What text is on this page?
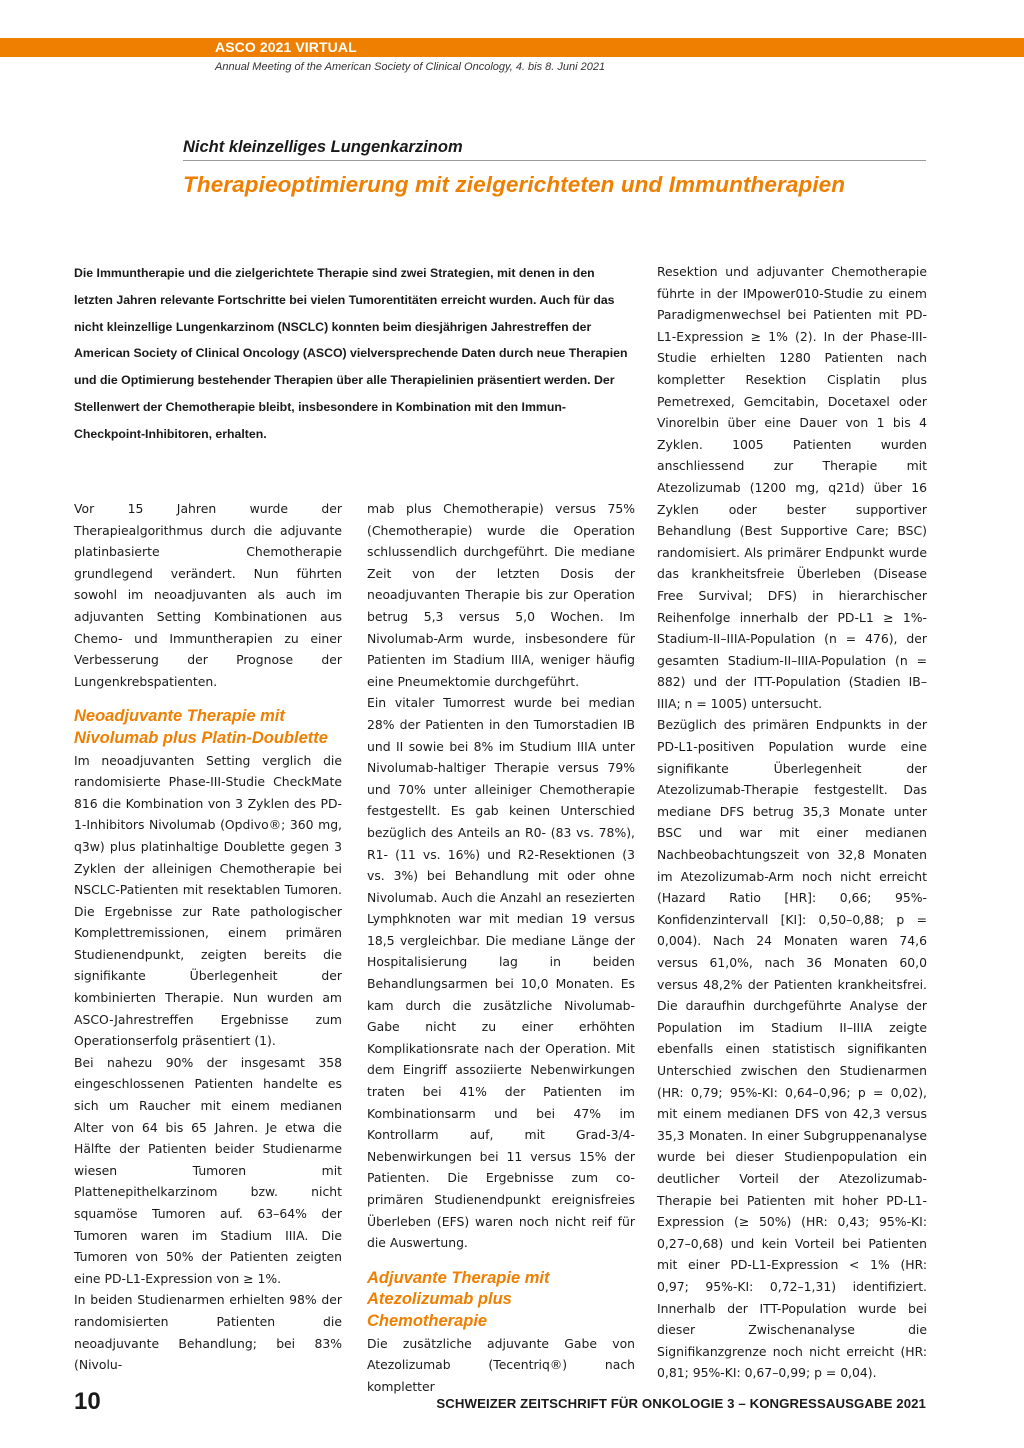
ASCO 2021 VIRTUAL
Annual Meeting of the American Society of Clinical Oncology, 4. bis 8. Juni 2021
Nicht kleinzelliges Lungenkarzinom
Therapieoptimierung mit zielgerichteten und Immuntherapien
Die Immuntherapie und die zielgerichtete Therapie sind zwei Strategien, mit denen in den letzten Jahren relevante Fortschritte bei vielen Tumorentitäten erreicht wurden. Auch für das nicht kleinzellige Lungenkarzinom (NSCLC) konnten beim diesjährigen Jahrestreffen der American Society of Clinical Oncology (ASCO) vielversprechende Daten durch neue Therapien und die Optimierung bestehender Therapien über alle Therapielinien präsentiert werden. Der Stellenwert der Chemotherapie bleibt, insbesondere in Kombination mit den Immun-Checkpoint-Inhibitoren, erhalten.

Vor 15 Jahren wurde der Therapiealgorithmus durch die adjuvante platinbasierte Chemotherapie grundlegend verändert. Nun führten sowohl im neoadjuvanten als auch im adjuvanten Setting Kombinationen aus Chemo- und Immuntherapien zu einer Verbesserung der Prognose der Lungenkrebspatienten.

Neoadjuvante Therapie mit Nivolumab plus Platin-Doublette

Im neoadjuvanten Setting verglich die randomisierte Phase-III-Studie CheckMate 816 die Kombination von 3 Zyklen des PD-1-Inhibitors Nivolumab (Opdivo®; 360 mg, q3w) plus platinhaltige Doublette gegen 3 Zyklen der alleinigen Chemotherapie bei NSCLC-Patienten mit resektablen Tumoren. Die Ergebnisse zur Rate pathologischer Komplettremissionen, einem primären Studienendpunkt, zeigten bereits die signifikante Überlegenheit der kombinierten Therapie. Nun wurden am ASCO-Jahrestreffen Ergebnisse zum Operationserfolg präsentiert (1).

Bei nahezu 90% der insgesamt 358 eingeschlossenen Patienten handelte es sich um Raucher mit einem medianen Alter von 64 bis 65 Jahren. Je etwa die Hälfte der Patienten beider Studienarme wiesen Tumoren mit Plattenepithelkarzinom bzw. nicht squamöse Tumoren auf. 63–64% der Tumoren waren im Stadium IIIA. Die Tumoren von 50% der Patienten zeigten eine PD-L1-Expression von ≥ 1%.

In beiden Studienarmen erhielten 98% der randomisierten Patienten die neoadjuvante Behandlung; bei 83% (Nivolu-

mab plus Chemotherapie) versus 75% (Chemotherapie) wurde die Operation schlussendlich durchgeführt. Die mediane Zeit von der letzten Dosis der neoadjuvanten Therapie bis zur Operation betrug 5,3 versus 5,0 Wochen. Im Nivolumab-Arm wurde, insbesondere für Patienten im Stadium IIIA, weniger häufig eine Pneumektomie durchgeführt.

Ein vitaler Tumorrest wurde bei median 28% der Patienten in den Tumorstadien IB und II sowie bei 8% im Studium IIIA unter Nivolumab-haltiger Therapie versus 79% und 70% unter alleiniger Chemotherapie festgestellt. Es gab keinen Unterschied bezüglich des Anteils an R0- (83 vs. 78%), R1- (11 vs. 16%) und R2-Resektionen (3 vs. 3%) bei Behandlung mit oder ohne Nivolumab. Auch die Anzahl an resezierten Lymphknoten war mit median 19 versus 18,5 vergleichbar. Die mediane Länge der Hospitalisierung lag in beiden Behandlungsarmen bei 10,0 Monaten. Es kam durch die zusätzliche Nivolumab-Gabe nicht zu einer erhöhten Komplikationsrate nach der Operation. Mit dem Eingriff assoziierte Nebenwirkungen traten bei 41% der Patienten im Kombinationsarm und bei 47% im Kontrollarm auf, mit Grad-3/4-Nebenwirkungen bei 11 versus 15% der Patienten. Die Ergebnisse zum co-primären Studienendpunkt ereignisfreies Überleben (EFS) waren noch nicht reif für die Auswertung.

Adjuvante Therapie mit Atezolizumab plus Chemotherapie

Die zusätzliche adjuvante Gabe von Atezolizumab (Tecentriq®) nach kompletter

Resektion und adjuvanter Chemotherapie führte in der IMpower010-Studie zu einem Paradigmenwechsel bei Patienten mit PD-L1-Expression ≥ 1% (2). In der Phase-III-Studie erhielten 1280 Patienten nach kompletter Resektion Cisplatin plus Pemetrexed, Gemcitabin, Docetaxel oder Vinorelbin über eine Dauer von 1 bis 4 Zyklen. 1005 Patienten wurden anschliessend zur Therapie mit Atezolizumab (1200 mg, q21d) über 16 Zyklen oder bester supportiver Behandlung (Best Supportive Care; BSC) randomisiert. Als primärer Endpunkt wurde das krankheitsfreie Überleben (Disease Free Survival; DFS) in hierarchischer Reihenfolge innerhalb der PD-L1 ≥ 1%-Stadium-II–IIIA-Population (n = 476), der gesamten Stadium-II–IIIA-Population (n = 882) und der ITT-Population (Stadien IB–IIIA; n = 1005) untersucht.

Bezüglich des primären Endpunkts in der PD-L1-positiven Population wurde eine signifikante Überlegenheit der Atezolizumab-Therapie festgestellt. Das mediane DFS betrug 35,3 Monate unter BSC und war mit einer medianen Nachbeobachtungszeit von 32,8 Monaten im Atezolizumab-Arm noch nicht erreicht (Hazard Ratio [HR]: 0,66; 95%-Konfidenzintervall [KI]: 0,50–0,88; p = 0,004). Nach 24 Monaten waren 74,6 versus 61,0%, nach 36 Monaten 60,0 versus 48,2% der Patienten krankheitsfrei. Die daraufhin durchgeführte Analyse der Population im Stadium II–IIIA zeigte ebenfalls einen statistisch signifikanten Unterschied zwischen den Studienarmen (HR: 0,79; 95%-KI: 0,64–0,96; p = 0,02), mit einem medianen DFS von 42,3 versus 35,3 Monaten. In einer Subgruppenanalyse wurde bei dieser Studienpopulation ein deutlicher Vorteil der Atezolizumab-Therapie bei Patienten mit hoher PD-L1-Expression (≥ 50%) (HR: 0,43; 95%-KI: 0,27–0,68) und kein Vorteil bei Patienten mit einer PD-L1-Expression < 1% (HR: 0,97; 95%-KI: 0,72–1,31) identifiziert. Innerhalb der ITT-Population wurde bei dieser Zwischenanalyse die Signifikanzgrenze noch nicht erreicht (HR: 0,81; 95%-KI: 0,67–0,99; p = 0,04).

10	SCHWEIZER ZEITSCHRIFT FÜR ONKOLOGIE 3 – KONGRESSAUSGABE 2021
